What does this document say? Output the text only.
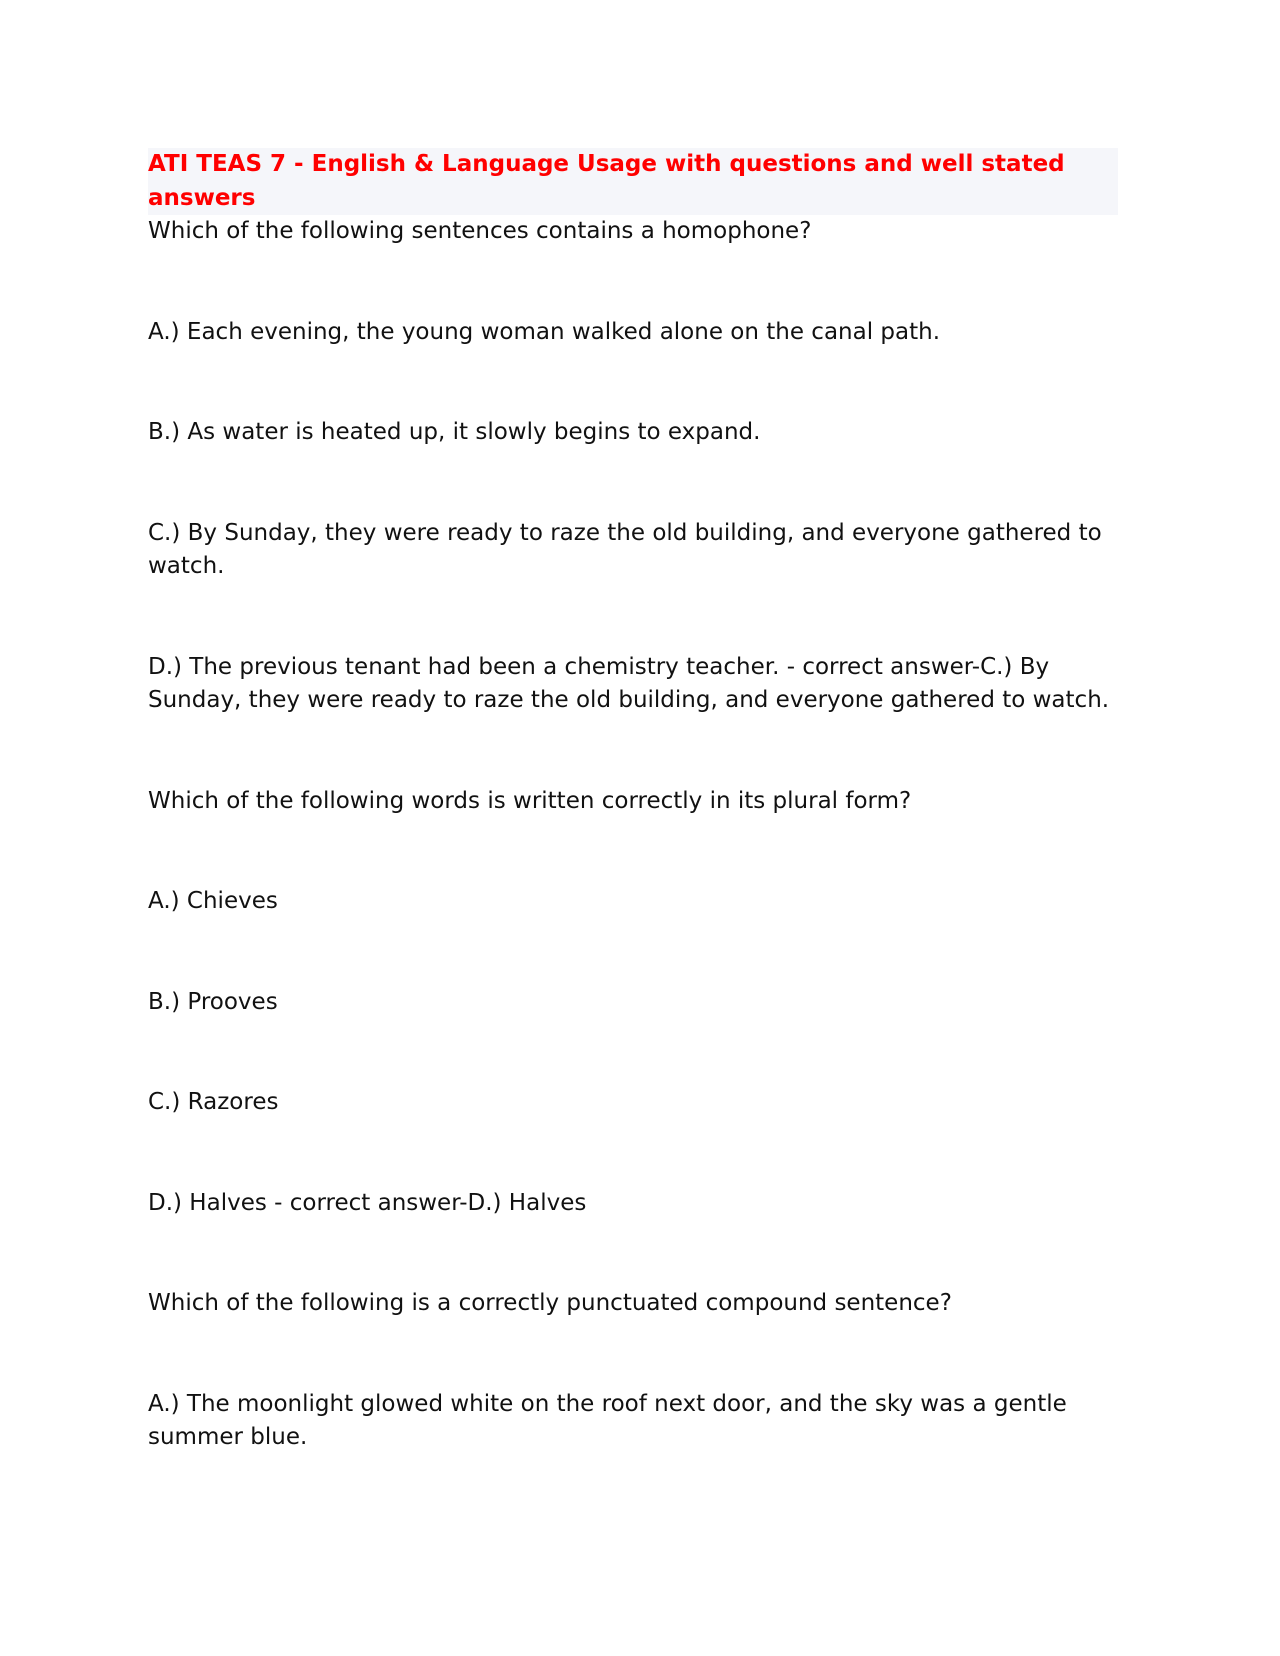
ATI TEAS 7 - English & Language Usage with questions and well stated answers

Which of the following sentences contains a homophone?

A.) Each evening, the young woman walked alone on the canal path.

B.) As water is heated up, it slowly begins to expand.

C.) By Sunday, they were ready to raze the old building, and everyone gathered to watch.

D.) The previous tenant had been a chemistry teacher. - correct answer-C.) By Sunday, they were ready to raze the old building, and everyone gathered to watch.

Which of the following words is written correctly in its plural form?

A.) Chieves

B.) Prooves

C.) Razores

D.) Halves - correct answer-D.) Halves

Which of the following is a correctly punctuated compound sentence?

A.) The moonlight glowed white on the roof next door, and the sky was a gentle summer blue.
